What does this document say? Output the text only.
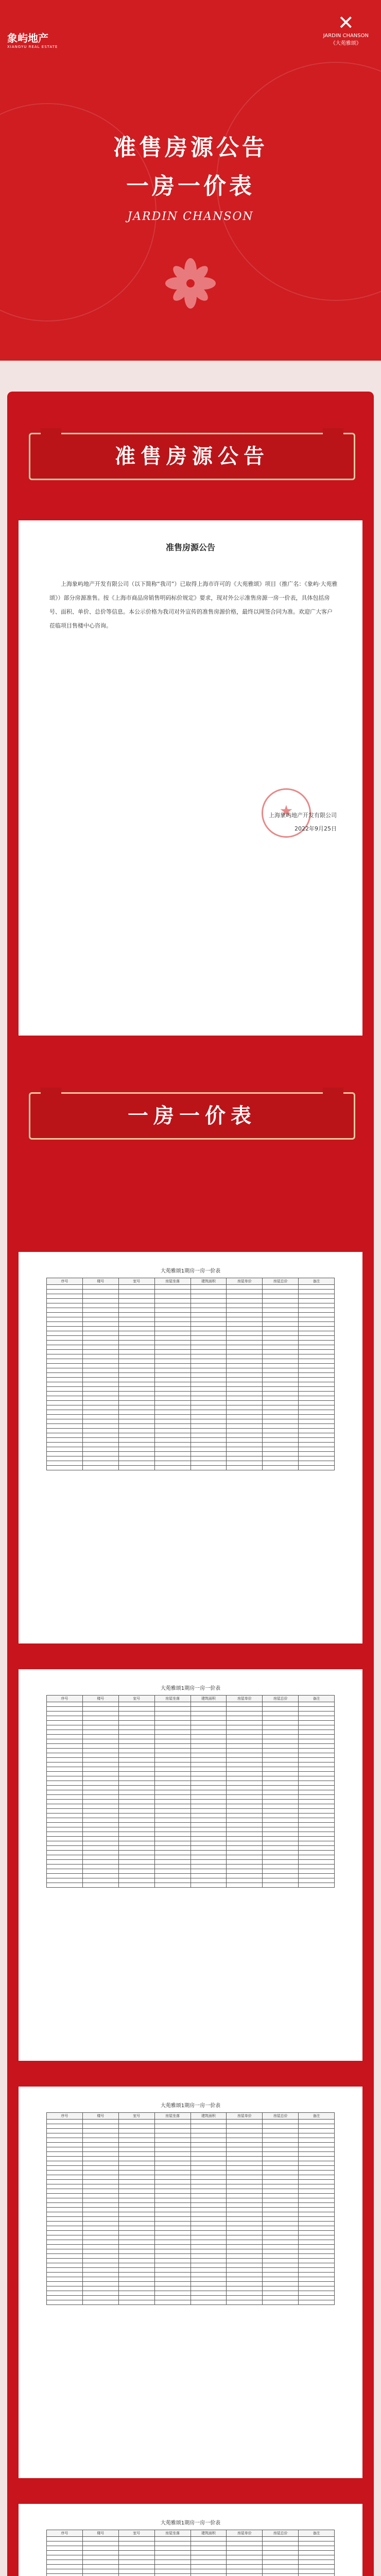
象屿地产
XIANGYU REAL ESTATE
✕
JARDIN CHANSON
《大苑雅颂》
准售房源公告
一房一价表
JARDIN CHANSON
准售房源公告
准售房源公告
上海象屿地产开发有限公司（以下简称“我司”）已取得上海市许可的《大苑雅颂》项目（推广名：《象屿·大苑雅颂》）部分房源准售。按《上海市商品房销售明码标价规定》要求，现对外公示准售房源一房一价表，具体包括房号、面积、单价、总价等信息。本公示价格为我司对外宣传的准售房源价格，最终以网签合同为准。欢迎广大客户莅临项目售楼中心咨询。
★
上海象屿地产开发有限公司
2022年9月25日
一房一价表
大苑雅颂1期房一房一价表
序号	楼号	室号	房屋坐落	建筑面积	房屋单价	房屋总价	备注

大苑雅颂1期房一房一价表
序号	楼号	室号	房屋坐落	建筑面积	房屋单价	房屋总价	备注

大苑雅颂1期房一房一价表
序号	楼号	室号	房屋坐落	建筑面积	房屋单价	房屋总价	备注

大苑雅颂1期房一房一价表
序号	楼号	室号	房屋坐落	建筑面积	房屋单价	房屋总价	备注
